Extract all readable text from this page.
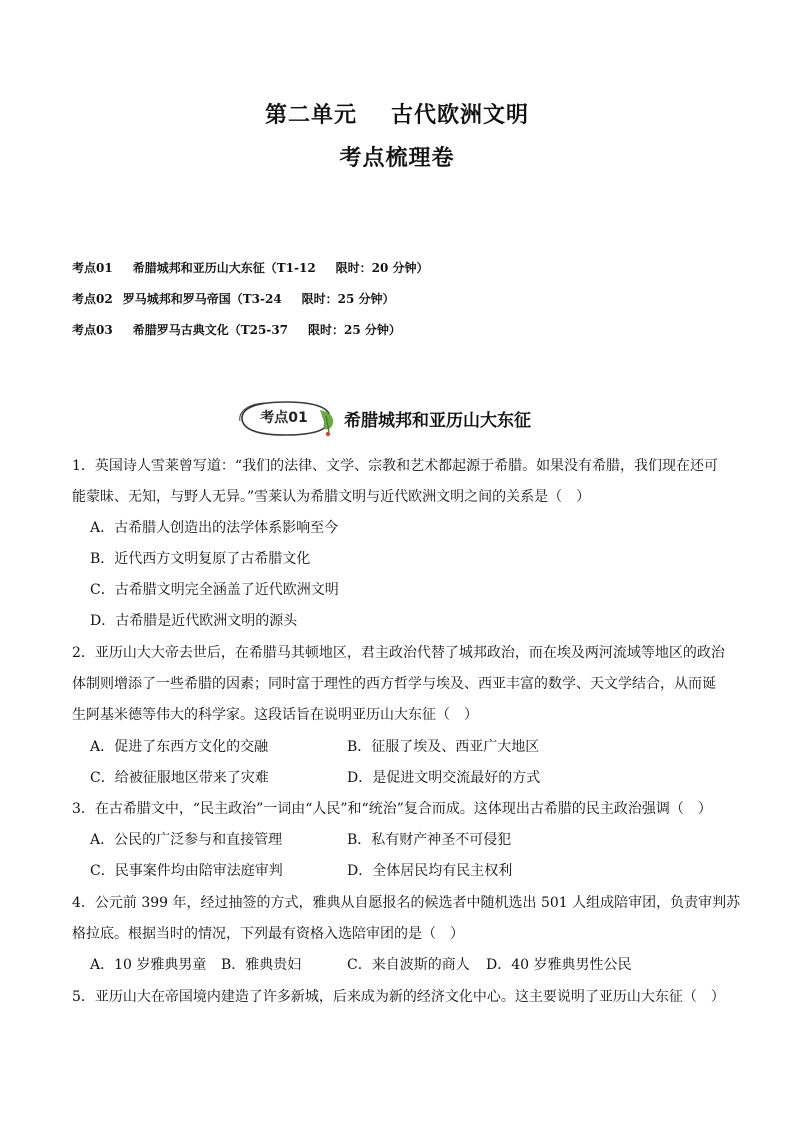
第二单元 古代欧洲文明
考点梳理卷
考点01 希腊城邦和亚历山大东征（T1-12 限时：20 分钟）
考点02 罗马城邦和罗马帝国（T3-24 限时：25 分钟）
考点03 希腊罗马古典文化（T25-37 限时：25 分钟）
考点01	希腊城邦和亚历山大东征
1．英国诗人雪莱曾写道：“我们的法律、文学、宗教和艺术都起源于希腊。如果没有希腊，我们现在还可
能蒙昧、无知，与野人无异。”雪莱认为希腊文明与近代欧洲文明之间的关系是（　）
A．古希腊人创造出的法学体系影响至今
B．近代西方文明复原了古希腊文化
C．古希腊文明完全涵盖了近代欧洲文明
D．古希腊是近代欧洲文明的源头
2．亚历山大大帝去世后，在希腊马其顿地区，君主政治代替了城邦政治，而在埃及两河流域等地区的政治
体制则增添了一些希腊的因素；同时富于理性的西方哲学与埃及、西亚丰富的数学、天文学结合，从而诞
生阿基米德等伟大的科学家。这段话旨在说明亚历山大东征（　）
A．促进了东西方文化的交融	B．征服了埃及、西亚广大地区
C．给被征服地区带来了灾难	D．是促进文明交流最好的方式
3．在古希腊文中，“民主政治”一词由“人民”和“统治”复合而成。这体现出古希腊的民主政治强调（　）
A．公民的广泛参与和直接管理	B．私有财产神圣不可侵犯
C．民事案件均由陪审法庭审判	D．全体居民均有民主权利
4．公元前 399 年，经过抽签的方式，雅典从自愿报名的候选者中随机选出 501 人组成陪审团，负责审判苏
格拉底。根据当时的情况，下列最有资格入选陪审团的是（　）
A．10 岁雅典男童 B．雅典贵妇	C．来自波斯的商人 D．40 岁雅典男性公民
5．亚历山大在帝国境内建造了许多新城，后来成为新的经济文化中心。这主要说明了亚历山大东征（　）
